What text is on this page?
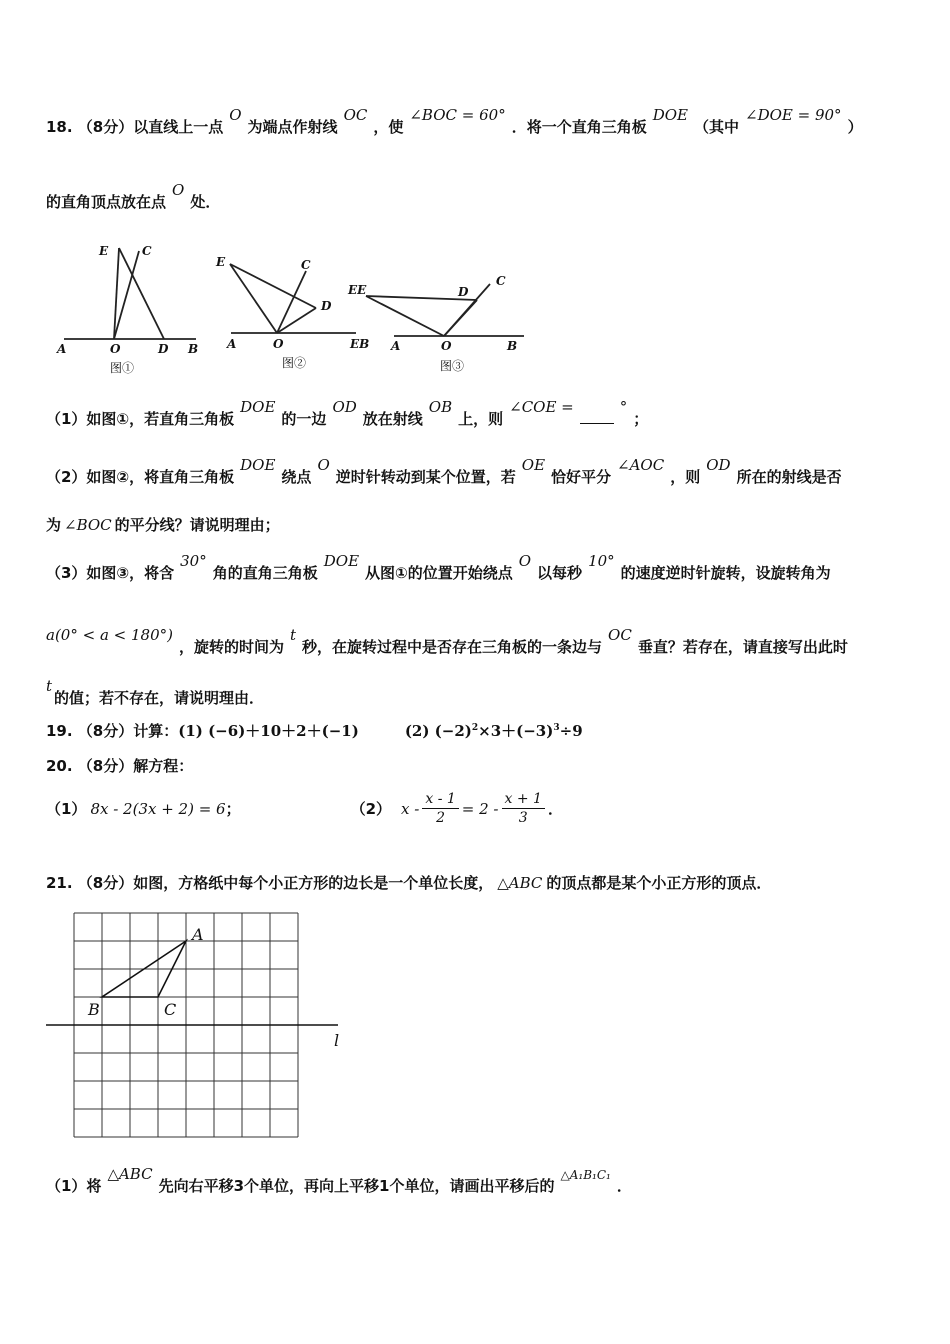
18. （8分）以直线上一点O为端点作射线OC，使∠BOC = 60°．将一个直角三角板DOE（其中∠DOE = 90°）
的直角顶点放在点O处．
E	C
A	O	D B
E	C
D
A	O	EB
EE	D
C
A	O	B
图①	图②	图③
（1）如图①，若直角三角板DOE的一边OD放在射线OB上，则∠COE =	°；
（2）如图②，将直角三角板DOE绕点O逆时针转动到某个位置，若OE恰好平分∠AOC，则OD所在的射线是否
为 ∠BOC 的平分线？请说明理由；
（3）如图③，将含30°角的直角三角板DOE从图①的位置开始绕点O以每秒10°的速度逆时针旋转，设旋转角为
a(0° < a < 180°)，旋转的时间为t秒，在旋转过程中是否存在三角板的一条边与OC垂直？若存在，请直接写出此时
t的值；若不存在，请说明理由．
19. （8分）计算：(1) (−6)＋10＋2＋(−1)	(2) $(-2)^2\times 3+(-3)^3\div 9$
20. （8分）解方程：
（1） 8x - 2(3x + 2) = 6；	（2） $x - \frac{x - 1}{2} = 2 - \frac{x + 1}{3}$ ．
21. （8分）如图，方格纸中每个小正方形的边长是一个单位长度， △ABC 的顶点都是某个小正方形的顶点．
A
B	C
l
（1）将△ABC先向右平移3个单位，再向上平移1个单位，请画出平移后的$^{\triangle A_1B_1C_1}$．
